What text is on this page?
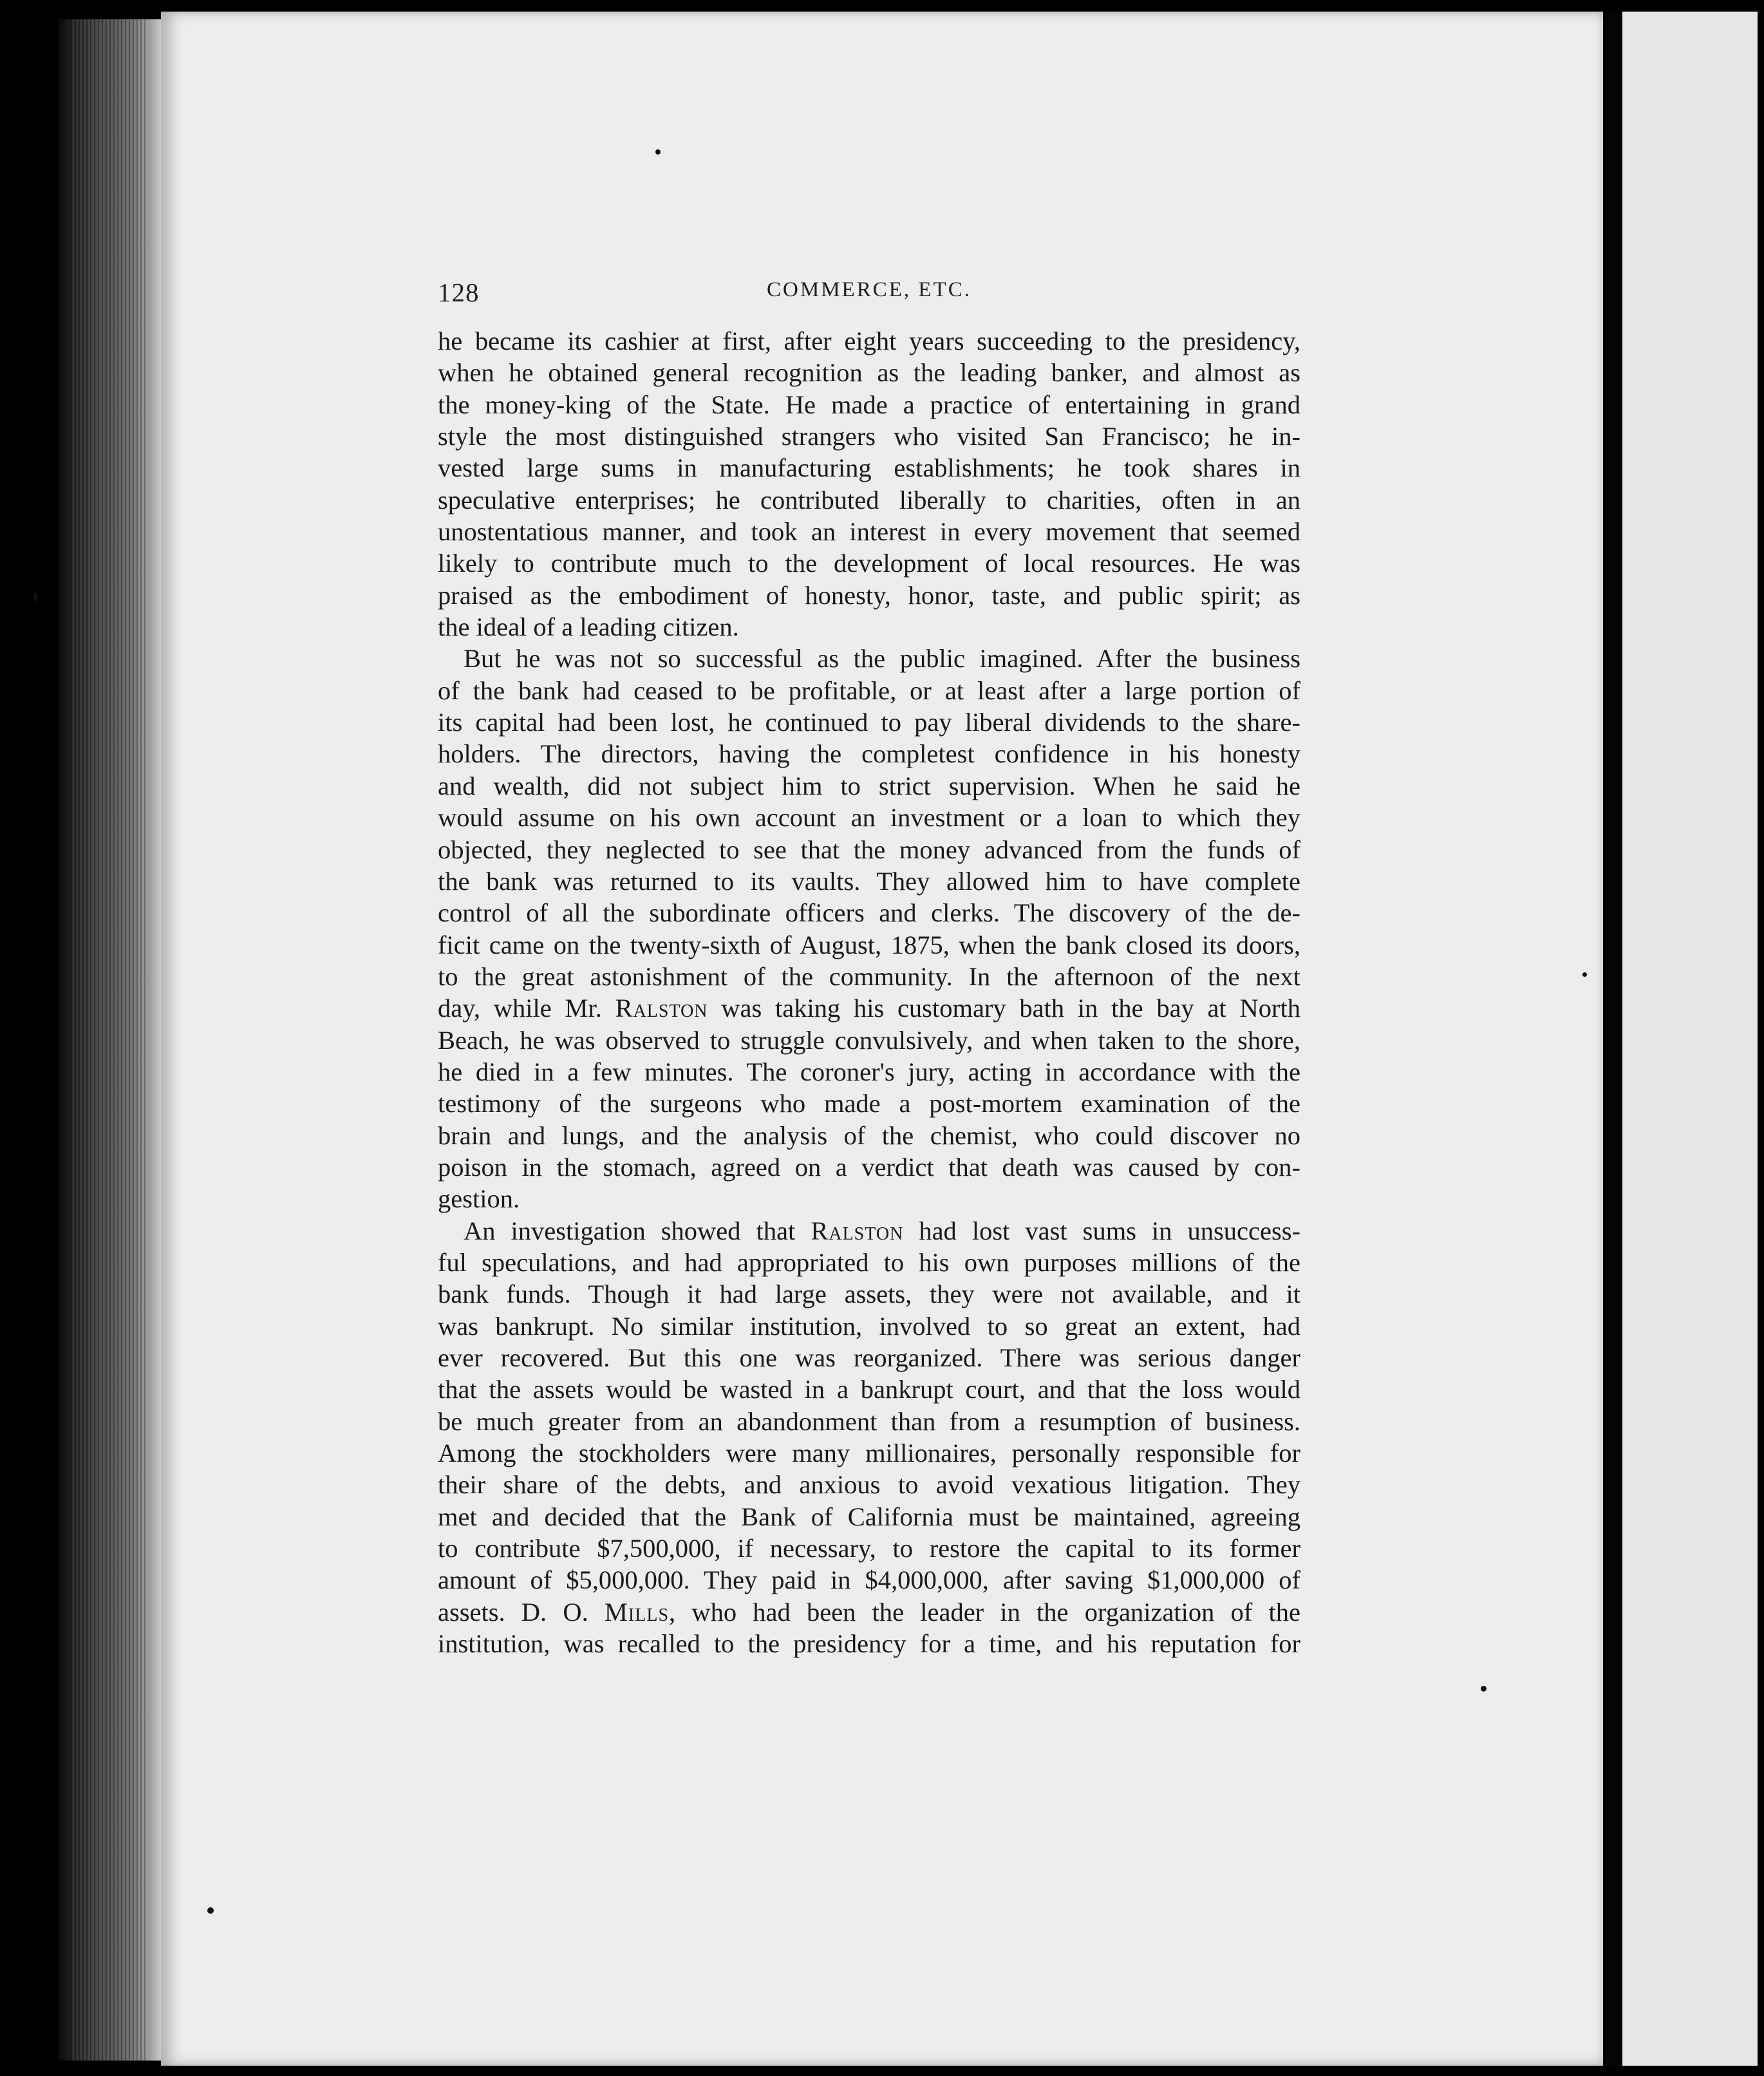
128	COMMERCE, ETC.
he became its cashier at first, after eight years succeeding to the presidency,
when he obtained general recognition as the leading banker, and almost as
the money-king of the State. He made a practice of entertaining in grand
style the most distinguished strangers who visited San Francisco; he in-
vested large sums in manufacturing establishments; he took shares in
speculative enterprises; he contributed liberally to charities, often in an
unostentatious manner, and took an interest in every movement that seemed
likely to contribute much to the development of local resources. He was
praised as the embodiment of honesty, honor, taste, and public spirit; as
the ideal of a leading citizen.
But he was not so successful as the public imagined. After the business
of the bank had ceased to be profitable, or at least after a large portion of
its capital had been lost, he continued to pay liberal dividends to the share-
holders. The directors, having the completest confidence in his honesty
and wealth, did not subject him to strict supervision. When he said he
would assume on his own account an investment or a loan to which they
objected, they neglected to see that the money advanced from the funds of
the bank was returned to its vaults. They allowed him to have complete
control of all the subordinate officers and clerks. The discovery of the de-
ficit came on the twenty-sixth of August, 1875, when the bank closed its doors,
to the great astonishment of the community. In the afternoon of the next
day, while Mr. Ralston was taking his customary bath in the bay at North
Beach, he was observed to struggle convulsively, and when taken to the shore,
he died in a few minutes. The coroner's jury, acting in accordance with the
testimony of the surgeons who made a post-mortem examination of the
brain and lungs, and the analysis of the chemist, who could discover no
poison in the stomach, agreed on a verdict that death was caused by con-
gestion.
An investigation showed that Ralston had lost vast sums in unsuccess-
ful speculations, and had appropriated to his own purposes millions of the
bank funds. Though it had large assets, they were not available, and it
was bankrupt. No similar institution, involved to so great an extent, had
ever recovered. But this one was reorganized. There was serious danger
that the assets would be wasted in a bankrupt court, and that the loss would
be much greater from an abandonment than from a resumption of business.
Among the stockholders were many millionaires, personally responsible for
their share of the debts, and anxious to avoid vexatious litigation. They
met and decided that the Bank of California must be maintained, agreeing
to contribute $7,500,000, if necessary, to restore the capital to its former
amount of $5,000,000. They paid in $4,000,000, after saving $1,000,000 of
assets. D. O. Mills, who had been the leader in the organization of the
institution, was recalled to the presidency for a time, and his reputation for
